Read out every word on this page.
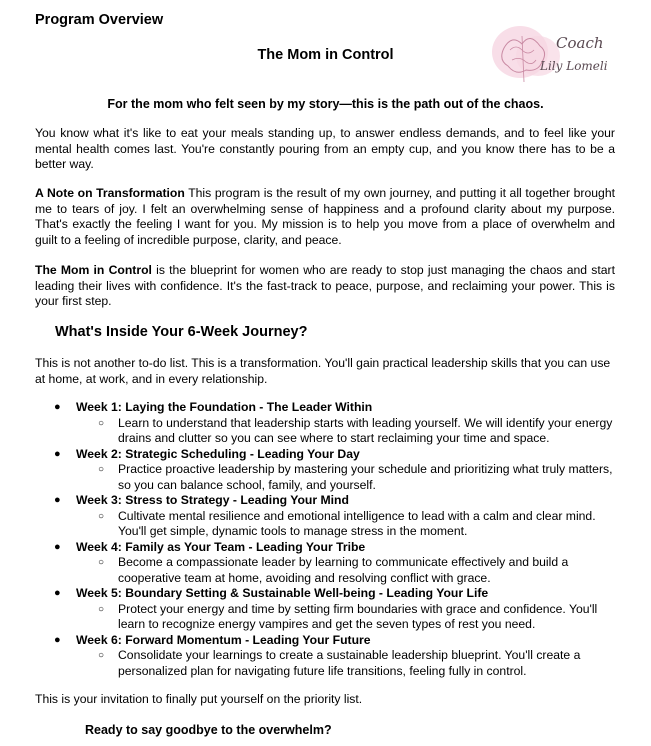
Program Overview
The Mom in Control
Coach
Lily Lomeli
For the mom who felt seen by my story—this is the path out of the chaos.
You know what it's like to eat your meals standing up, to answer endless demands, and to feel like your mental health comes last. You're constantly pouring from an empty cup, and you know there has to be a better way.
A Note on Transformation This program is the result of my own journey, and putting it all together brought me to tears of joy. I felt an overwhelming sense of happiness and a profound clarity about my purpose. That's exactly the feeling I want for you. My mission is to help you move from a place of overwhelm and guilt to a feeling of incredible purpose, clarity, and peace.
The Mom in Control is the blueprint for women who are ready to stop just managing the chaos and start leading their lives with confidence. It's the fast-track to peace, purpose, and reclaiming your power. This is your first step.
What's Inside Your 6-Week Journey?
This is not another to-do list. This is a transformation. You'll gain practical leadership skills that you can use at home, at work, and in every relationship.
● Week 1: Laying the Foundation - The Leader Within
○ Learn to understand that leadership starts with leading yourself. We will identify your energy drains and clutter so you can see where to start reclaiming your time and space.
● Week 2: Strategic Scheduling - Leading Your Day
○ Practice proactive leadership by mastering your schedule and prioritizing what truly matters, so you can balance school, family, and yourself.
● Week 3: Stress to Strategy - Leading Your Mind
○ Cultivate mental resilience and emotional intelligence to lead with a calm and clear mind. You'll get simple, dynamic tools to manage stress in the moment.
● Week 4: Family as Your Team - Leading Your Tribe
○ Become a compassionate leader by learning to communicate effectively and build a cooperative team at home, avoiding and resolving conflict with grace.
● Week 5: Boundary Setting & Sustainable Well-being - Leading Your Life
○ Protect your energy and time by setting firm boundaries with grace and confidence. You'll learn to recognize energy vampires and get the seven types of rest you need.
● Week 6: Forward Momentum - Leading Your Future
○ Consolidate your learnings to create a sustainable leadership blueprint. You'll create a personalized plan for navigating future life transitions, feeling fully in control.
This is your invitation to finally put yourself on the priority list.
Ready to say goodbye to the overwhelm?
